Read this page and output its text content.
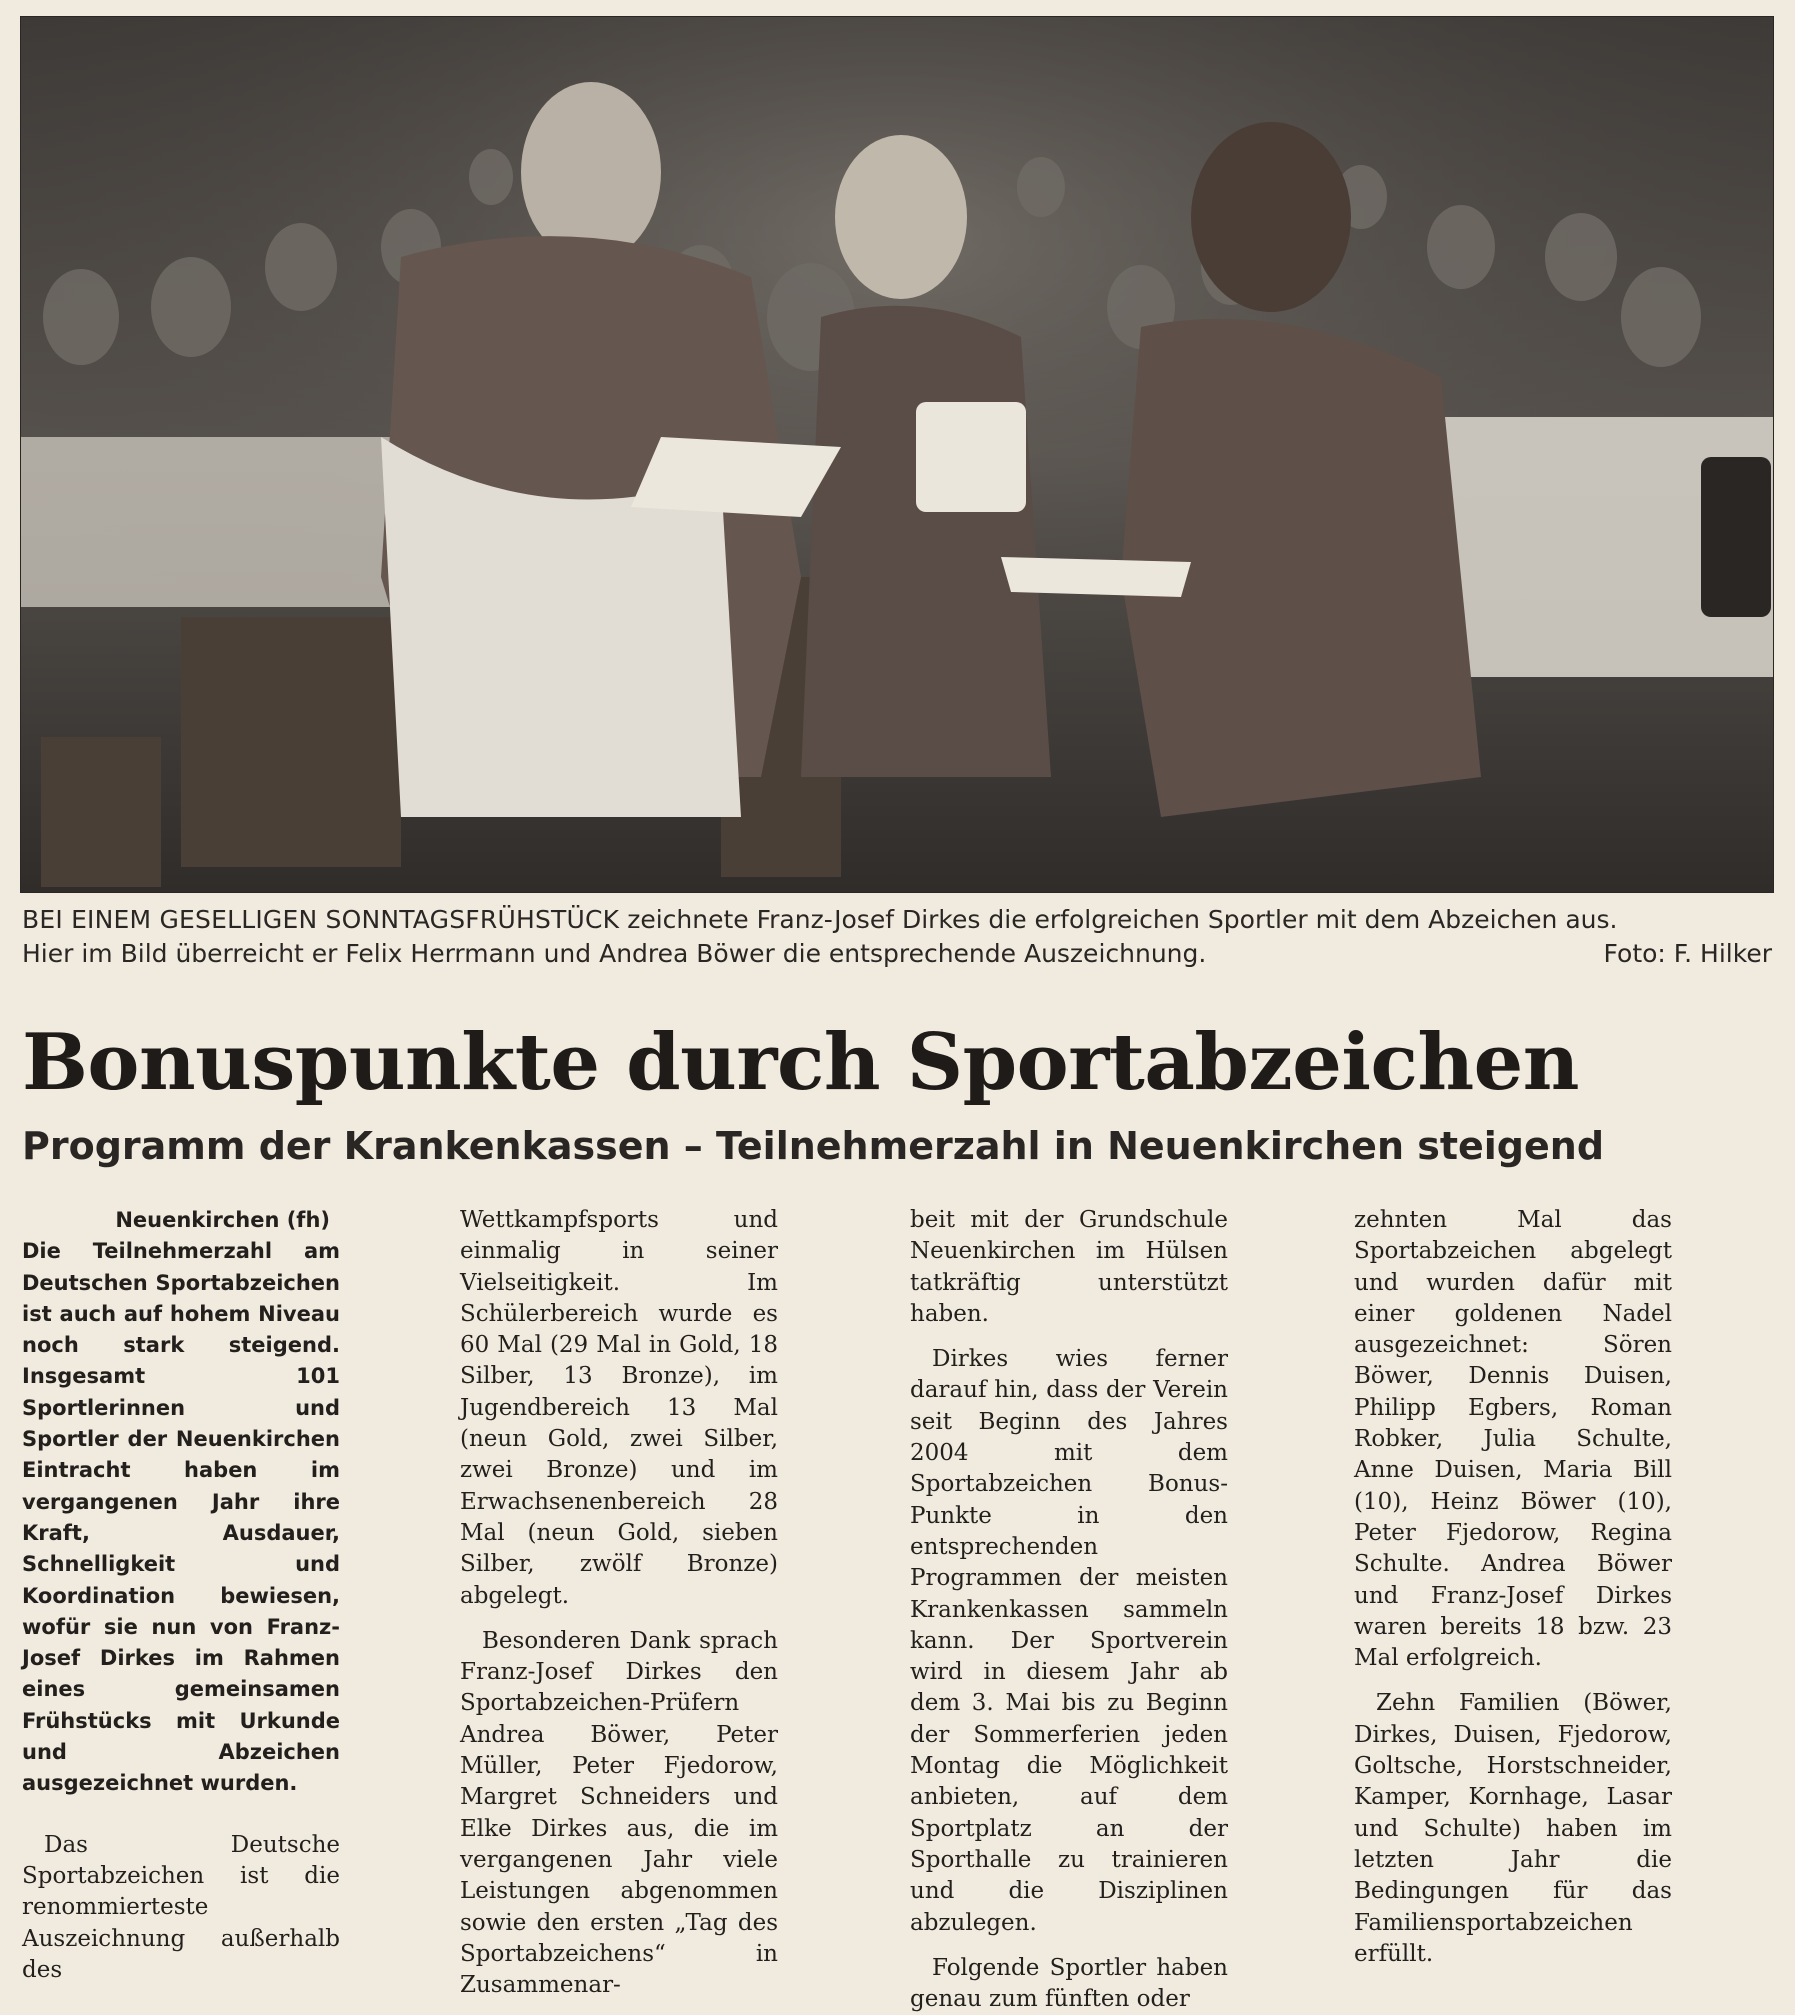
BEI EINEM GESELLIGEN SONNTAGSFRÜHSTÜCK zeichnete Franz-Josef Dirkes die erfolgreichen Sportler mit dem Abzeichen aus.
Hier im Bild überreicht er Felix Herrmann und Andrea Böwer die entsprechende Auszeichnung.	Foto: F. Hilker
Bonuspunkte durch Sportabzeichen
Programm der Krankenkassen – Teilnehmerzahl in Neuenkirchen steigend

Neuenkirchen (fh)
Die Teilnehmerzahl am Deutschen Sportabzeichen ist auch auf hohem Niveau noch stark steigend. Insgesamt 101 Sportlerinnen und Sportler der Neuenkirchen Eintracht haben im vergangenen Jahr ihre Kraft, Ausdauer, Schnelligkeit und Koordination bewiesen, wofür sie nun von Franz-Josef Dirkes im Rahmen eines gemeinsamen Frühstücks mit Urkunde und Abzeichen ausgezeichnet wurden.

Das Deutsche Sportabzeichen ist die renommierteste Auszeichnung außerhalb des

Wettkampfsports und einmalig in seiner Vielseitigkeit. Im Schülerbereich wurde es 60 Mal (29 Mal in Gold, 18 Silber, 13 Bronze), im Jugendbereich 13 Mal (neun Gold, zwei Silber, zwei Bronze) und im Erwachsenenbereich 28 Mal (neun Gold, sieben Silber, zwölf Bronze) abgelegt.

Besonderen Dank sprach Franz-Josef Dirkes den Sportabzeichen-Prüfern Andrea Böwer, Peter Müller, Peter Fjedorow, Margret Schneiders und Elke Dirkes aus, die im vergangenen Jahr viele Leistungen abgenommen sowie den ersten „Tag des Sportabzeichens“ in Zusammenar-

beit mit der Grundschule Neuenkirchen im Hülsen tatkräftig unterstützt haben.

Dirkes wies ferner darauf hin, dass der Verein seit Beginn des Jahres 2004 mit dem Sportabzeichen Bonus-Punkte in den entsprechenden Programmen der meisten Krankenkassen sammeln kann. Der Sportverein wird in diesem Jahr ab dem 3. Mai bis zu Beginn der Sommerferien jeden Montag die Möglichkeit anbieten, auf dem Sportplatz an der Sporthalle zu trainieren und die Disziplinen abzulegen.

Folgende Sportler haben genau zum fünften oder

zehnten Mal das Sportabzeichen abgelegt und wurden dafür mit einer goldenen Nadel ausgezeichnet: Sören Böwer, Dennis Duisen, Philipp Egbers, Roman Robker, Julia Schulte, Anne Duisen, Maria Bill (10), Heinz Böwer (10), Peter Fjedorow, Regina Schulte. Andrea Böwer und Franz-Josef Dirkes waren bereits 18 bzw. 23 Mal erfolgreich.

Zehn Familien (Böwer, Dirkes, Duisen, Fjedorow, Goltsche, Horstschneider, Kamper, Kornhage, Lasar und Schulte) haben im letzten Jahr die Bedingungen für das Familiensportabzeichen erfüllt.
